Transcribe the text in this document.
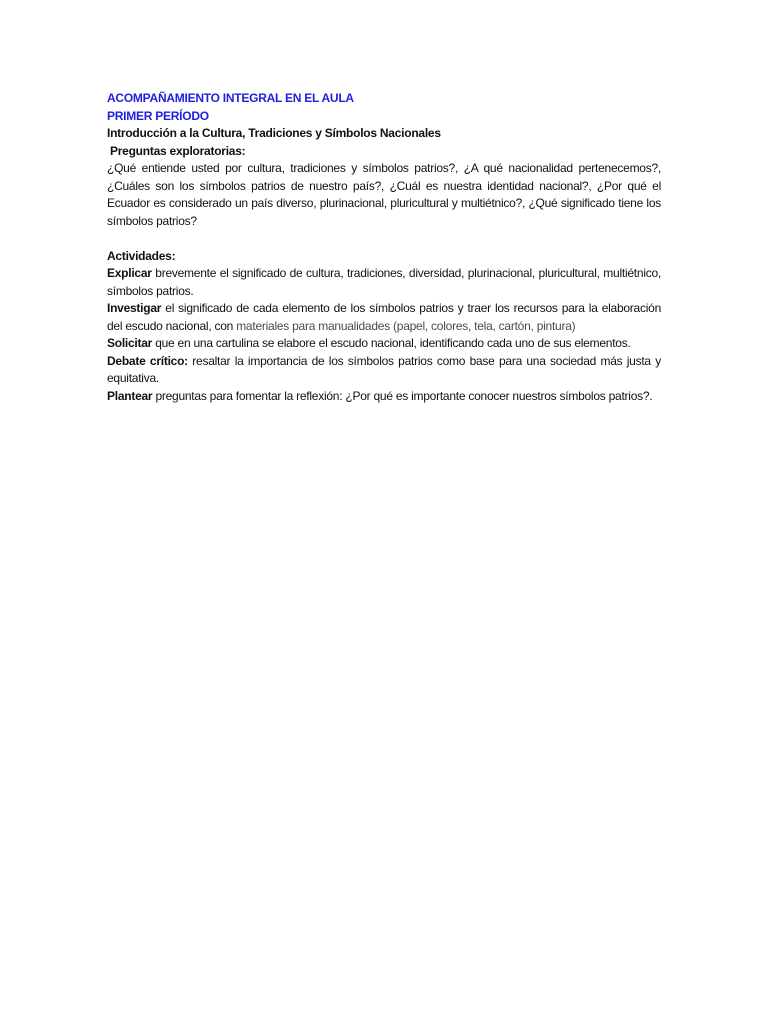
ACOMPAÑAMIENTO INTEGRAL EN EL AULA
PRIMER PERÍODO
Introducción a la Cultura, Tradiciones y Símbolos Nacionales
Preguntas exploratorias:

¿Qué entiende usted por cultura, tradiciones y símbolos patrios?, ¿A qué nacionalidad pertenecemos?, ¿Cuáles son los símbolos patrios de nuestro país?, ¿Cuál es nuestra identidad nacional?, ¿Por qué el Ecuador es considerado un país diverso, plurinacional, pluricultural y multiétnico?, ¿Qué significado tiene los símbolos patrios?

Actividades:

Explicar brevemente el significado de cultura, tradiciones, diversidad, plurinacional, pluricultural, multiétnico, símbolos patrios.

Investigar el significado de cada elemento de los símbolos patrios y traer los recursos para la elaboración del escudo nacional, con materiales para manualidades (papel, colores, tela, cartón, pintura)

Solicitar que en una cartulina se elabore el escudo nacional, identificando cada uno de sus elementos.

Debate crítico: resaltar la importancia de los símbolos patrios como base para una sociedad más justa y equitativa.

Plantear preguntas para fomentar la reflexión: ¿Por qué es importante conocer nuestros símbolos patrios?.
